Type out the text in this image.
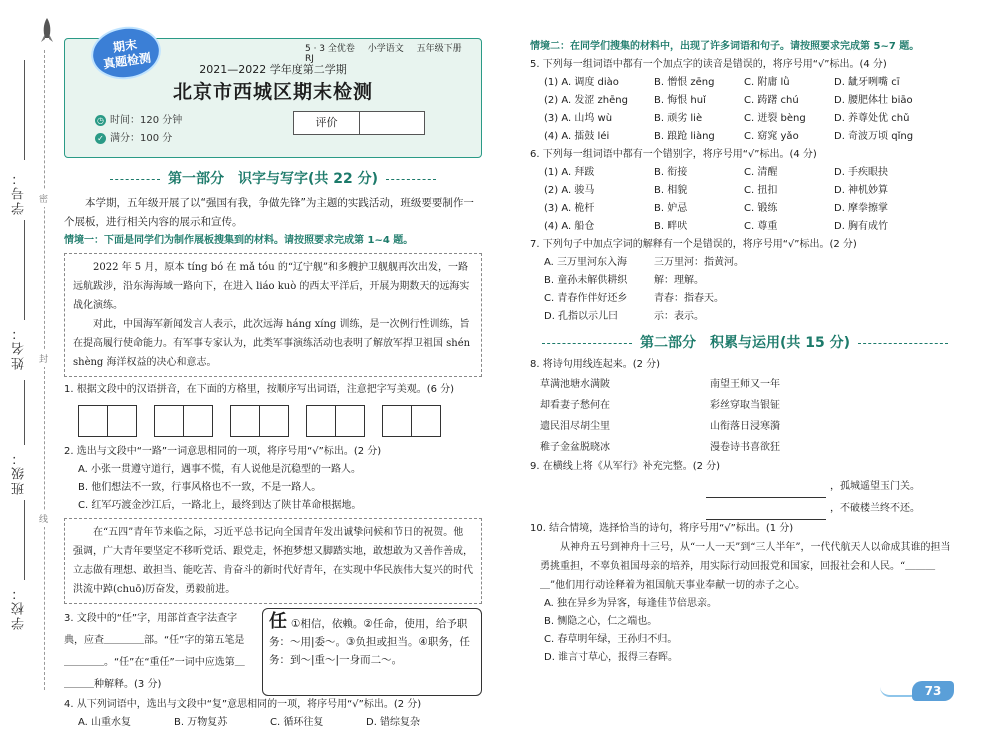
学号：
姓名：
班级：
学校：
密
封
线
期末
真题检测
5 · 3 全优卷 小学语文 五年级下册 RJ
2021—2022 学年度第二学期
北京市西城区期末检测
◷ 时间：120 分钟
✓ 满分：100 分
评价
第一部分　识字与写字(共 22 分)
本学期，五年级开展了以“强国有我，争做先锋”为主题的实践活动，班级要要制作一个展板，进行相关内容的展示和宣传。
情境一：下面是同学们为制作展板搜集到的材料。请按照要求完成第 1~4 题。

2022 年 5 月，原本 tíng bó 在 mǎ tóu 的“辽宁舰”和多艘护卫舰舰再次出发，一路远航跋涉，沿东海海域一路向下，在进入 liáo kuò 的西太平洋后，开展为期数天的远海实战化演练。

对此，中国海军新闻发言人表示，此次远海 háng xíng 训练，是一次例行性训练，旨在提高履行使命能力。有军事专家认为，此类军事演练活动也表明了解放军捍卫祖国 shén shèng 海洋权益的决心和意志。

1. 根据文段中的汉语拼音，在下面的方格里，按顺序写出词语，注意把字写美观。(6 分)
2. 选出与文段中“一路”一词意思相同的一项，将序号用“√”标出。(2 分)
A. 小张一贯遵守道行，遇事不慌，有人说他是沉稳型的一路人。
B. 他们想法不一致，行事风格也不一致，不是一路人。
C. 红军巧渡金沙江后，一路北上，最终到达了陕甘革命根据地。

在“五四”青年节来临之际，习近平总书记向全国青年发出诚挚问候和节日的祝贺。他强调，广大青年要坚定不移听党话、跟党走，怀抱梦想又脚踏实地，敢想敢为又善作善成，立志做有理想、敢担当、能吃苦、肯奋斗的新时代好青年，在实现中华民族伟大复兴的时代洪流中踔(chuō)厉奋发，勇毅前进。

3. 文段中的“任”字，用部首查字法查字典，应查＿＿＿＿部。“任”字的第五笔是＿＿＿＿。“任”在“重任”一词中应选第＿＿＿＿种解释。(3 分)
任 ①相信，依赖。②任命，使用，给予职务：～用|委～。③负担或担当。④职务，任务：到～|重～|一身而二～。
4. 从下列词语中，选出与文段中“复”意思相同的一项，将序号用“√”标出。(2 分)
A. 山重水复	B. 万物复苏	C. 循环往复	D. 错综复杂
情境二：在同学们搜集的材料中，出现了许多词语和句子。请按照要求完成第 5~7 题。
5. 下列每一组词语中都有一个加点字的读音是错误的，将序号用“√”标出。(4 分)
(1) A. 调度 diào	B. 憎恨 zēng	C. 附庸 lǜ	D. 龇牙咧嘴 cī
(2) A. 发涩 zhēng	B. 悔恨 huǐ	C. 踌躇 chú	D. 腰肥体壮 biāo
(3) A. 山坞 wù	B. 顽劣 liè	C. 迸裂 bèng	D. 养尊处优 chǔ
(4) A. 擂鼓 léi	B. 踉跄 liàng	C. 窈窕 yǎo	D. 奇波万顷 qǐng
6. 下列每一组词语中都有一个错别字，将序号用“√”标出。(4 分)
(1) A. 拜跋	B. 衔接	C. 清醒	D. 手疾眼抉
(2) A. 骏马	B. 相貌	C. 扭扣	D. 神机妙算
(3) A. 桅杆	B. 妒忌	C. 锻练	D. 摩拳擦掌
(4) A. 船仓	B. 畔吠	C. 尊重	D. 胸有成竹
7. 下列句子中加点字词的解释有一个是错误的，将序号用“√”标出。(2 分)
A. 三万里河东入海	三万里河：指黄河。
B. 童孙未解供耕织	解：理解。
C. 青春作伴好还乡	青春：指春天。
D. 孔指以示儿曰	示：表示。
第二部分　积累与运用(共 15 分)
8. 将诗句用线连起来。(2 分)
草满池塘水满陂	南望王师又一年
却看妻子愁何在	彩丝穿取当银钲
遗民泪尽胡尘里	山衔落日浸寒漪
稚子金盆脱晓冰	漫卷诗书喜欲狂
9. 在横线上将《从军行》补充完整。(2 分)
，孤城遥望玉门关。
，不破楼兰终不还。
10. 结合情境，选择恰当的诗句，将序号用“√”标出。(1 分)

从神舟五号到神舟十三号，从“一人一天”到“三人半年”，一代代航天人以命成其谁的担当勇挑重担，不辜负祖国母亲的培养，用实际行动回报党和国家，回报社会和人民。“＿＿＿＿”他们用行动诠释着为祖国航天事业奉献一切的赤子之心。

A. 独在异乡为异客，每逢佳节倍思亲。
B. 恻隐之心，仁之端也。
C. 春草明年绿，王孙归不归。
D. 谁言寸草心，报得三春晖。
73
